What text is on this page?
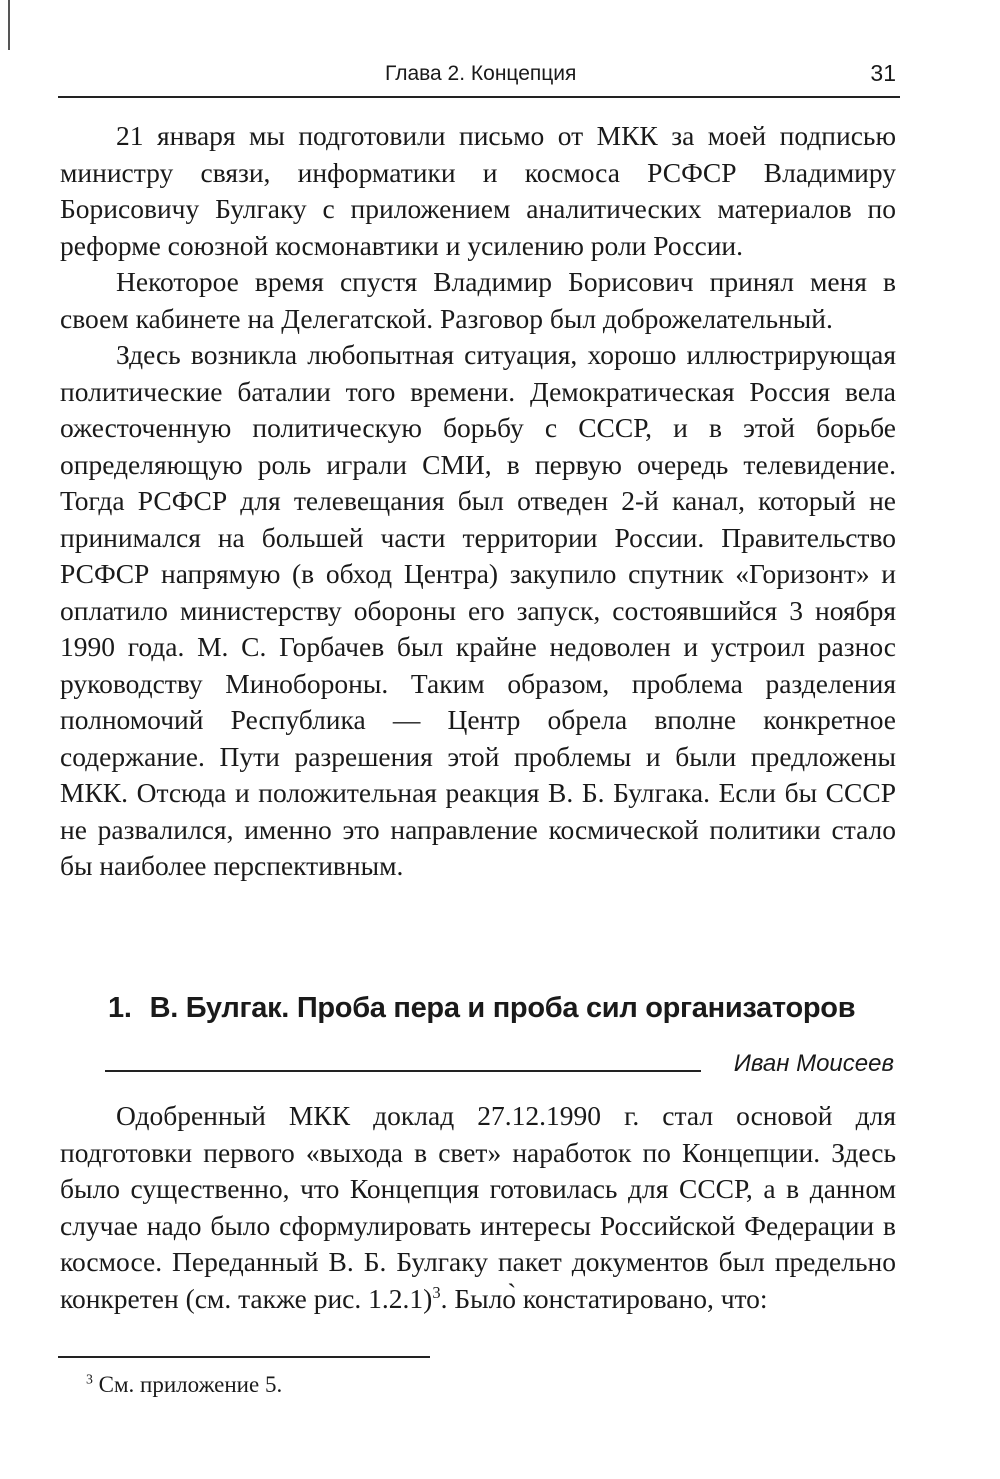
Глава 2. Концепция	31

21 января мы подготовили письмо от МКК за моей подписью министру связи, информатики и космоса РСФСР Владимиру Борисовичу Булгаку с приложением аналитических материалов по реформе союзной космонавтики и усилению роли России.

Некоторое время спустя Владимир Борисович принял меня в своем кабинете на Делегатской. Разговор был доброжелательный.

Здесь возникла любопытная ситуация, хорошо иллюстрирующая политические баталии того времени. Демократическая Россия вела ожесточенную политическую борьбу с СССР, и в этой борьбе определяющую роль играли СМИ, в первую очередь телевидение. Тогда РСФСР для телевещания был отведен 2-й канал, который не принимался на большей части территории России. Правительство РСФСР напрямую (в обход Центра) закупило спутник «Горизонт» и оплатило министерству обороны его запуск, состоявшийся 3 ноября 1990 года. М. С. Горбачев был крайне недоволен и устроил разнос руководству Минобороны. Таким образом, проблема разделения полномочий Республика — Центр обрела вполне конкретное содержание. Пути разрешения этой проблемы и были предложены МКК. Отсюда и положительная реакция В. Б. Булгака. Если бы СССР не развалился, именно это направление космической политики стало бы наиболее перспективным.

1. В. Булгак. Проба пера и проба сил организаторов
Иван Моисеев

Одобренный МКК доклад 27.12.1990 г. стал основой для подготовки первого «выхода в свет» наработок по Концепции. Здесь было существенно, что Концепция готовилась для СССР, а в данном случае надо было сформулировать интересы Российской Федерации в космосе. Переданный В. Б. Булгаку пакет документов был предельно конкретен (см. также рис. 1.2.1)$^3$. Было̀ констатировано, что:

$^3$ См. приложение 5.
